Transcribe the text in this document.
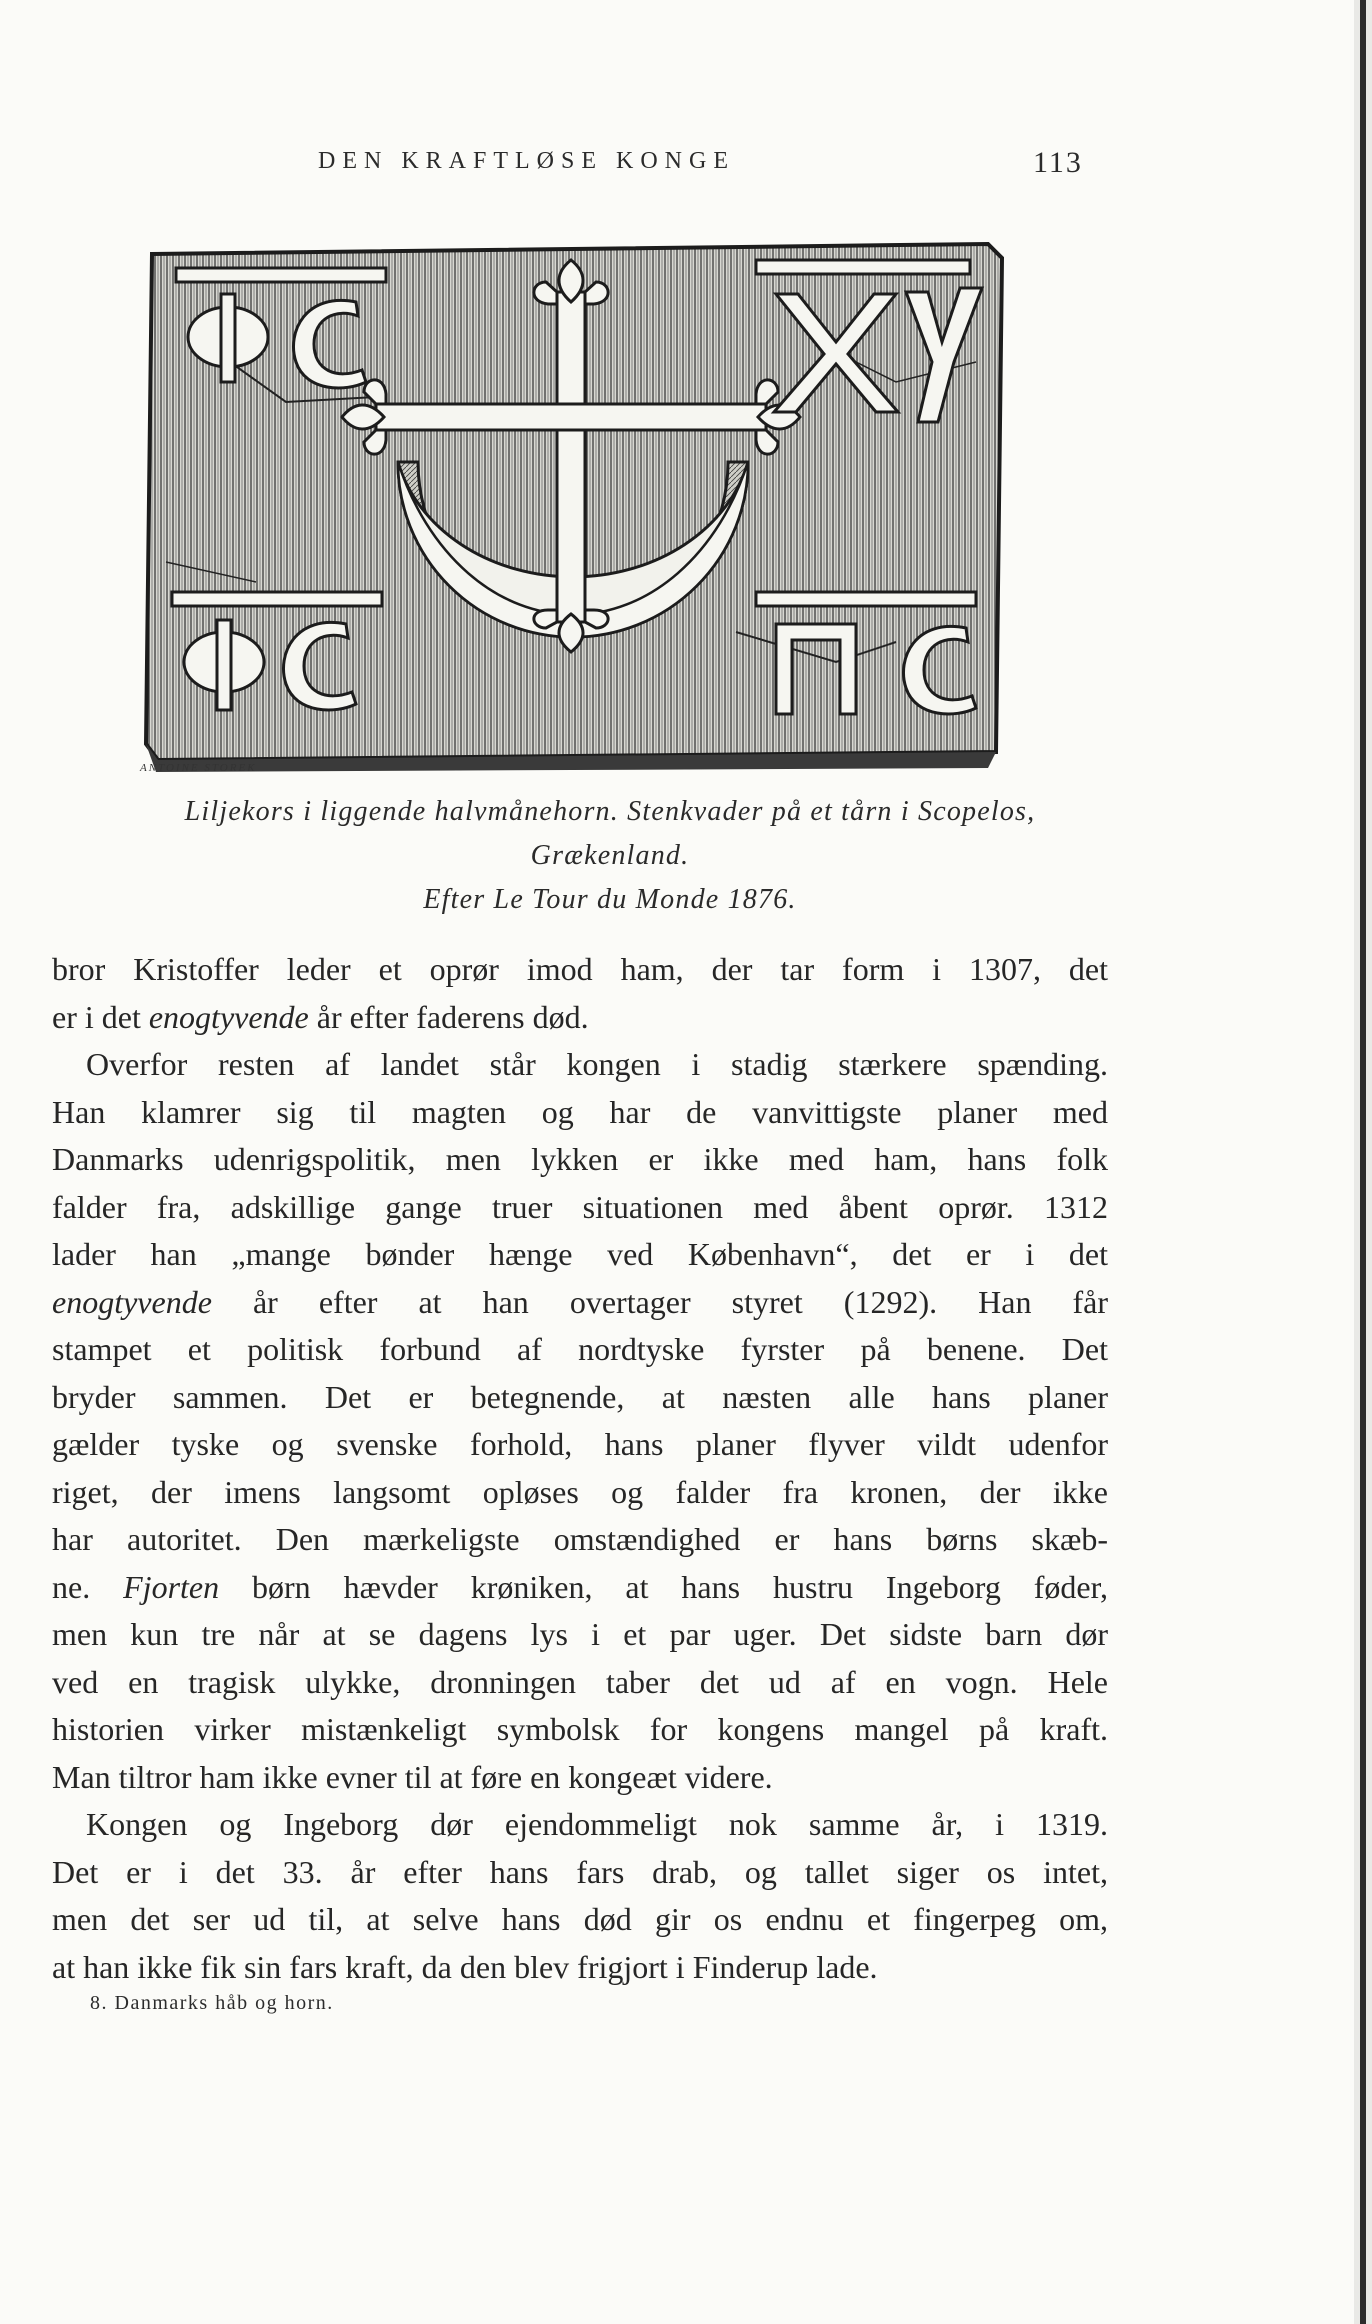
DEN KRAFTLØSE KONGE	113
ANTOINE STOREK
Liljekors i liggende halvmånehorn. Stenkvader på et tårn i Scopelos,
Grækenland.
Efter Le Tour du Monde 1876.
bror Kristoffer leder et oprør imod ham, der tar form i 1307, det
er i det enogtyvende år efter faderens død.
Overfor resten af landet står kongen i stadig stærkere spænding.
Han klamrer sig til magten og har de vanvittigste planer med
Danmarks udenrigspolitik, men lykken er ikke med ham, hans folk
falder fra, adskillige gange truer situationen med åbent oprør. 1312
lader han „mange bønder hænge ved København“, det er i det
enogtyvende år efter at han overtager styret (1292). Han får
stampet et politisk forbund af nordtyske fyrster på benene. Det
bryder sammen. Det er betegnende, at næsten alle hans planer
gælder tyske og svenske forhold, hans planer flyver vildt udenfor
riget, der imens langsomt opløses og falder fra kronen, der ikke
har autoritet. Den mærkeligste omstændighed er hans børns skæb-
ne. Fjorten børn hævder krøniken, at hans hustru Ingeborg føder,
men kun tre når at se dagens lys i et par uger. Det sidste barn dør
ved en tragisk ulykke, dronningen taber det ud af en vogn. Hele
historien virker mistænkeligt symbolsk for kongens mangel på kraft.
Man tiltror ham ikke evner til at føre en kongeæt videre.
Kongen og Ingeborg dør ejendommeligt nok samme år, i 1319.
Det er i det 33. år efter hans fars drab, og tallet siger os intet,
men det ser ud til, at selve hans død gir os endnu et fingerpeg om,
at han ikke fik sin fars kraft, da den blev frigjort i Finderup lade.
8. Danmarks håb og horn.
